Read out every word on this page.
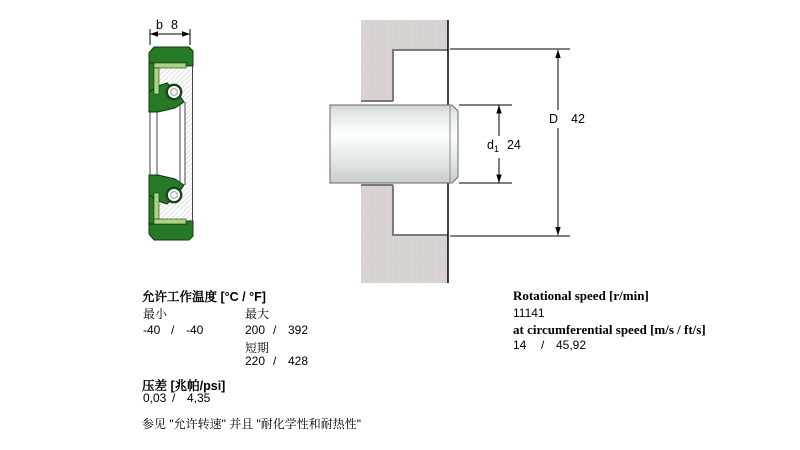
b 8
D 42
$d_1$ 24
允许工作温度 [°C / °F]
最小	最大
-40 / -40	200 / 392
短期
220 / 428
压差 [兆帕/psi]
0,03 / 4,35
参见 "允许转速" 并且 "耐化学性和耐热性"
Rotational speed [r/min]
11141
at circumferential speed [m/s / ft/s]
14 / 45,92
